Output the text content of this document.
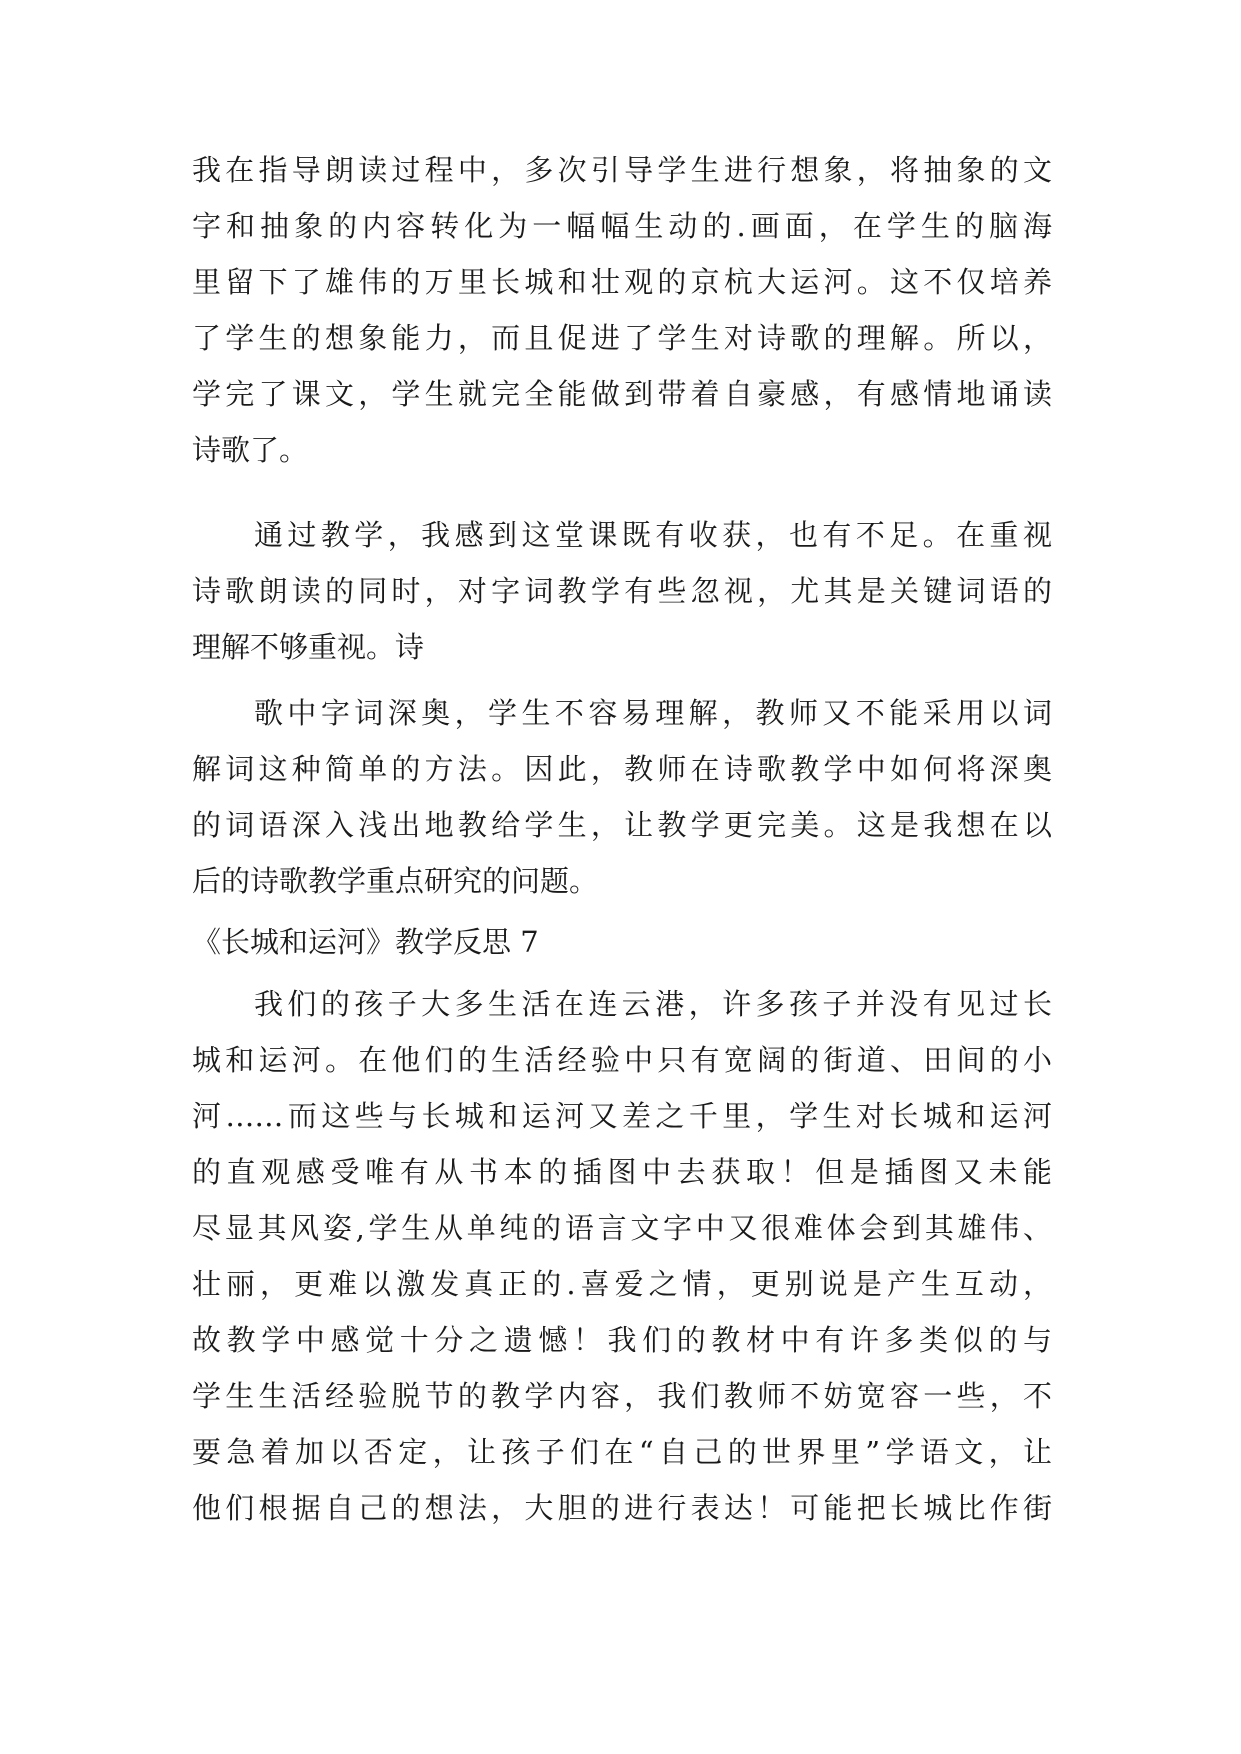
我在指导朗读过程中，多次引导学生进行想象，将抽象的文
字和抽象的内容转化为一幅幅生动的.画面，在学生的脑海
里留下了雄伟的万里长城和壮观的京杭大运河。这不仅培养
了学生的想象能力，而且促进了学生对诗歌的理解。所以，
学完了课文，学生就完全能做到带着自豪感，有感情地诵读
诗歌了。
通过教学，我感到这堂课既有收获，也有不足。在重视
诗歌朗读的同时，对字词教学有些忽视，尤其是关键词语的
理解不够重视。诗
歌中字词深奥，学生不容易理解，教师又不能采用以词
解词这种简单的方法。因此，教师在诗歌教学中如何将深奥
的词语深入浅出地教给学生，让教学更完美。这是我想在以
后的诗歌教学重点研究的问题。
《长城和运河》教学反思 7
我们的孩子大多生活在连云港，许多孩子并没有见过长
城和运河。在他们的生活经验中只有宽阔的街道、田间的小
河……而这些与长城和运河又差之千里，学生对长城和运河
的直观感受唯有从书本的插图中去获取！但是插图又未能
尽显其风姿,学生从单纯的语言文字中又很难体会到其雄伟、
壮丽，更难以激发真正的.喜爱之情，更别说是产生互动，
故教学中感觉十分之遗憾！我们的教材中有许多类似的与
学生生活经验脱节的教学内容，我们教师不妨宽容一些，不
要急着加以否定，让孩子们在“自己的世界里”学语文，让
他们根据自己的想法，大胆的进行表达！可能把长城比作街
